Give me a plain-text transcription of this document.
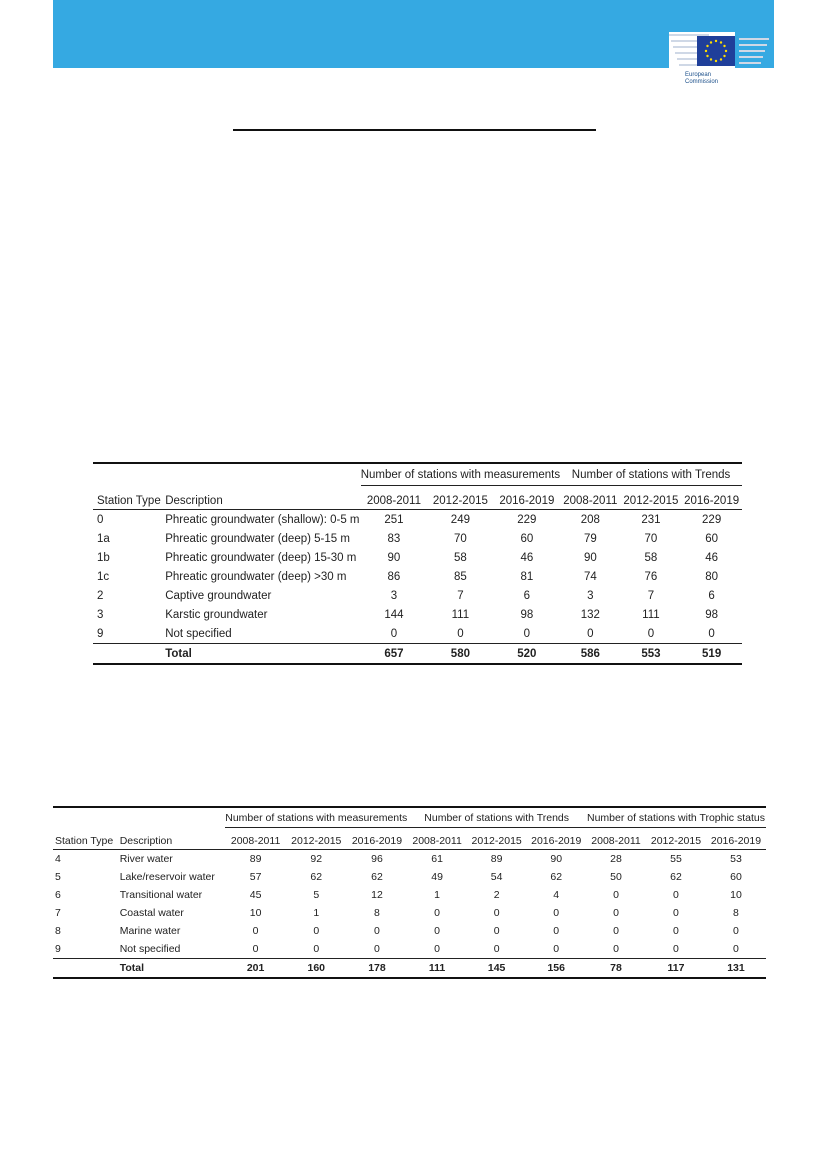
European
Commission
		Number of stations with measurements			Number of stations with Trends		
Station Type	Description	2008-2011	2012-2015	2016-2019	2008-2011	2012-2015	2016-2019
0	Phreatic groundwater (shallow): 0-5 m	251	249	229	208	231	229
1a	Phreatic groundwater (deep) 5-15 m	83	70	60	79	70	60
1b	Phreatic groundwater (deep) 15-30 m	90	58	46	90	58	46
1c	Phreatic groundwater (deep) >30 m	86	85	81	74	76	80
2	Captive groundwater	3	7	6	3	7	6
3	Karstic groundwater	144	111	98	132	111	98
9	Not specified	0	0	0	0	0	0
	Total	657	580	520	586	553	519
		Number of stations with measurements			Number of stations with Trends			Number of stations with Trophic status		
Station Type	Description	2008-2011	2012-2015	2016-2019	2008-2011	2012-2015	2016-2019	2008-2011	2012-2015	2016-2019
4	River water	89	92	96	61	89	90	28	55	53
5	Lake/reservoir water	57	62	62	49	54	62	50	62	60
6	Transitional water	45	5	12	1	2	4	0	0	10
7	Coastal water	10	1	8	0	0	0	0	0	8
8	Marine water	0	0	0	0	0	0	0	0	0
9	Not specified	0	0	0	0	0	0	0	0	0
	Total	201	160	178	111	145	156	78	117	131
